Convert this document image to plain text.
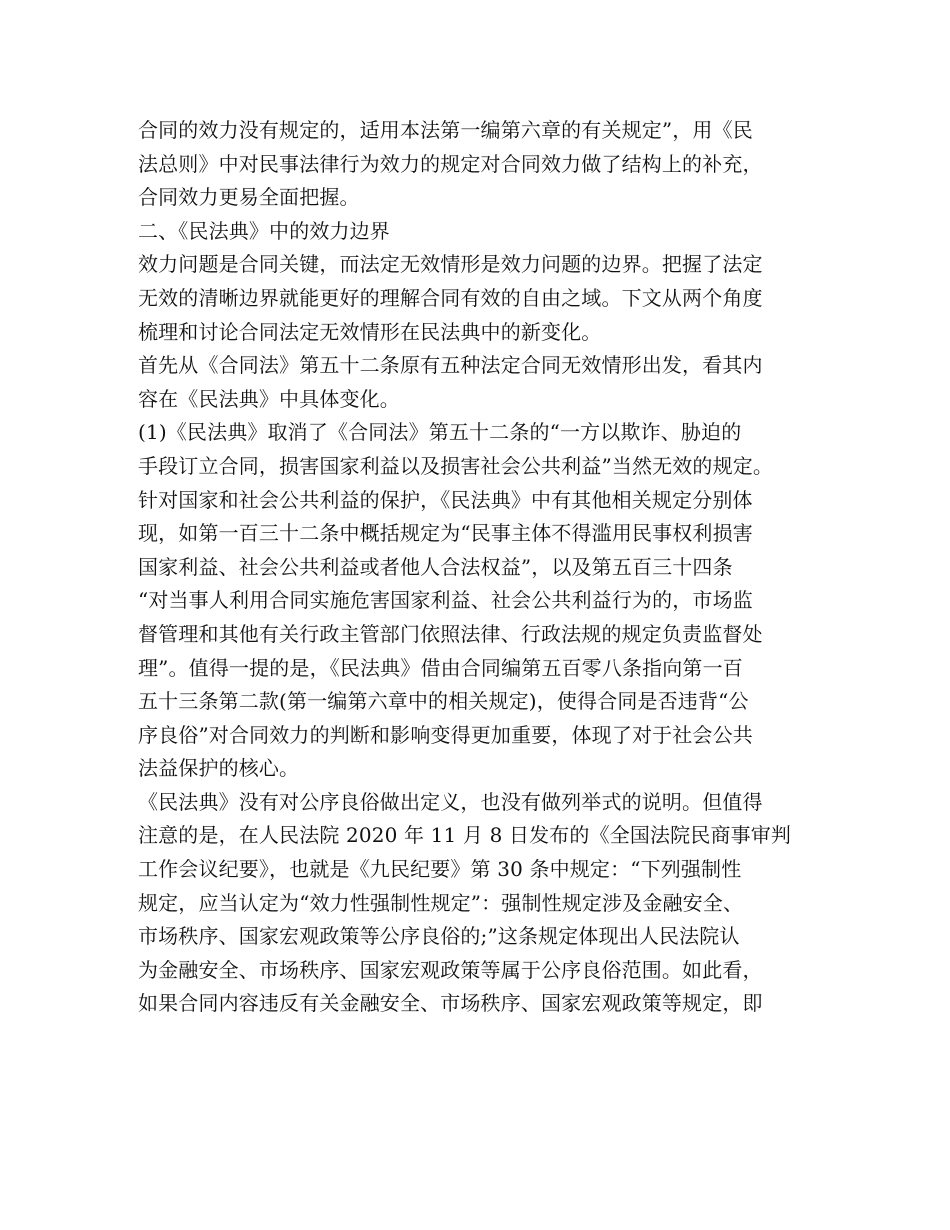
合同的效力没有规定的，适用本法第一编第六章的有关规定”，用《民
法总则》中对民事法律行为效力的规定对合同效力做了结构上的补充，
合同效力更易全面把握。
二、《民法典》中的效力边界
效力问题是合同关键，而法定无效情形是效力问题的边界。把握了法定
无效的清晰边界就能更好的理解合同有效的自由之域。下文从两个角度
梳理和讨论合同法定无效情形在民法典中的新变化。
首先从《合同法》第五十二条原有五种法定合同无效情形出发，看其内
容在《民法典》中具体变化。
(1)《民法典》取消了《合同法》第五十二条的“一方以欺诈、胁迫的
手段订立合同，损害国家利益以及损害社会公共利益”当然无效的规定。
针对国家和社会公共利益的保护，《民法典》中有其他相关规定分别体
现，如第一百三十二条中概括规定为“民事主体不得滥用民事权利损害
国家利益、社会公共利益或者他人合法权益”，以及第五百三十四条
“对当事人利用合同实施危害国家利益、社会公共利益行为的，市场监
督管理和其他有关行政主管部门依照法律、行政法规的规定负责监督处
理”。值得一提的是，《民法典》借由合同编第五百零八条指向第一百
五十三条第二款(第一编第六章中的相关规定)，使得合同是否违背“公
序良俗”对合同效力的判断和影响变得更加重要，体现了对于社会公共
法益保护的核心。
《民法典》没有对公序良俗做出定义，也没有做列举式的说明。但值得
注意的是，在人民法院 2020 年 11 月 8 日发布的《全国法院民商事审判
工作会议纪要》，也就是《九民纪要》第 30 条中规定：“下列强制性
规定，应当认定为“效力性强制性规定”：强制性规定涉及金融安全、
市场秩序、国家宏观政策等公序良俗的;”这条规定体现出人民法院认
为金融安全、市场秩序、国家宏观政策等属于公序良俗范围。如此看，
如果合同内容违反有关金融安全、市场秩序、国家宏观政策等规定，即
